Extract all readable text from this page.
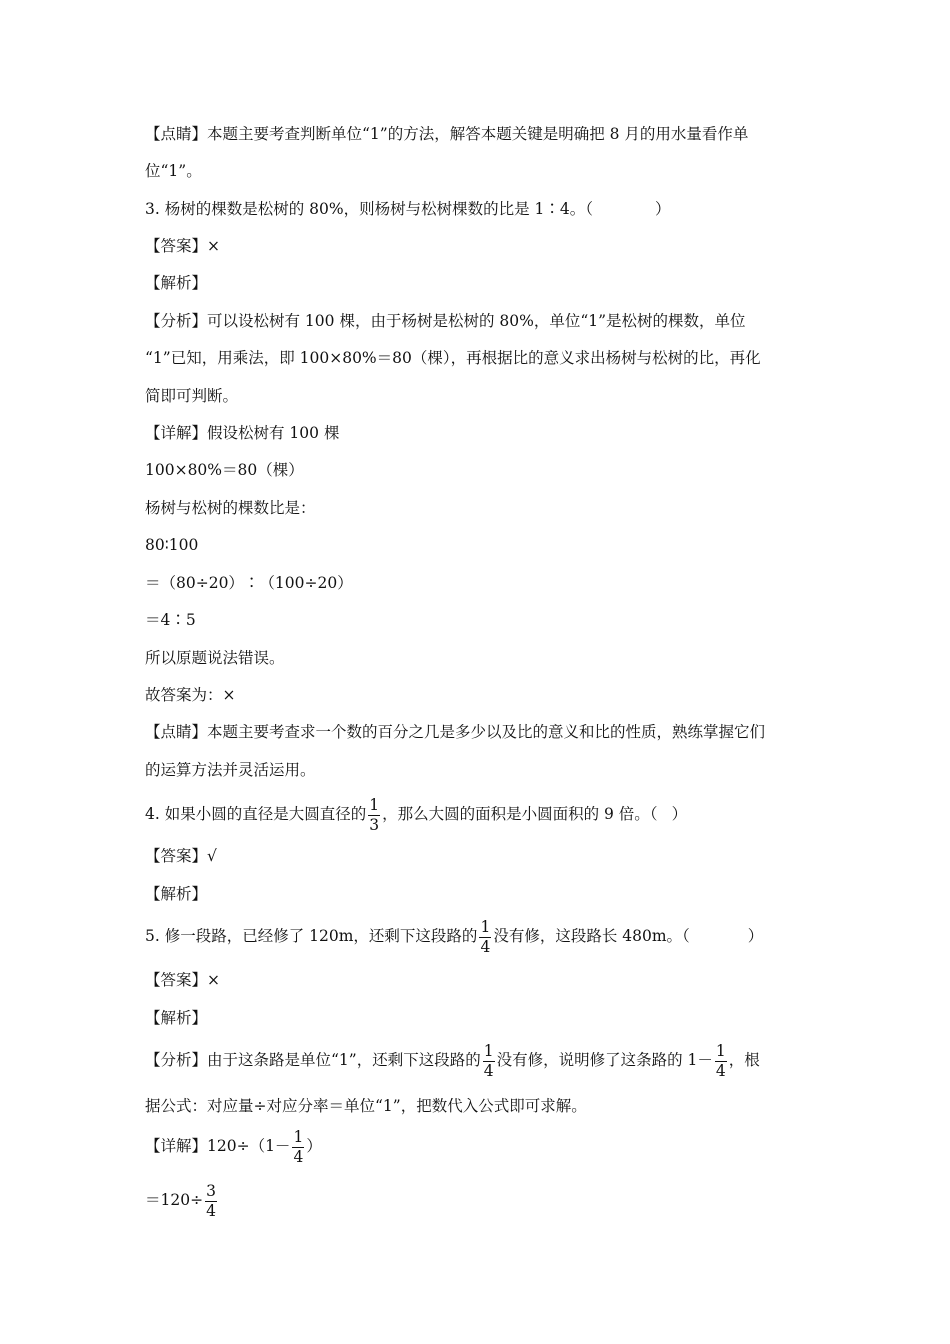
【点睛】本题主要考查判断单位“1”的方法，解答本题关键是明确把 8 月的用水量看作单
位“1”。
3. 杨树的棵数是松树的 80%，则杨树与松树棵数的比是 1∶4。（	）
【答案】×
【解析】
【分析】可以设松树有 100 棵，由于杨树是松树的 80%，单位“1”是松树的棵数，单位
“1”已知，用乘法，即 100×80%＝80（棵），再根据比的意义求出杨树与松树的比，再化
简即可判断。
【详解】假设松树有 100 棵
100×80%＝80（棵）
杨树与松树的棵数比是：
80∶100
＝（80÷20）∶（100÷20）
＝4∶5
所以原题说法错误。
故答案为：×
【点睛】本题主要考查求一个数的百分之几是多少以及比的意义和比的性质，熟练掌握它们
的运算方法并灵活运用。
4. 如果小圆的直径是大圆直径的 $\frac{1}{3}$ ，那么大圆的面积是小圆面积的 9 倍。（ ）
【答案】√
【解析】
5. 修一段路，已经修了 120m，还剩下这段路的 $\frac{1}{4}$ 没有修，这段路长 480m。（	）
【答案】×
【解析】
【分析】由于这条路是单位“1”，还剩下这段路的 $\frac{1}{4}$ 没有修，说明修了这条路的 $1- \frac{1}{4}$ ，根
据公式：对应量÷对应分率＝单位“1”，把数代入公式即可求解。
【详解】$120\div(1- \frac{1}{4}$ ）
$=120\div \frac{3}{4}$
